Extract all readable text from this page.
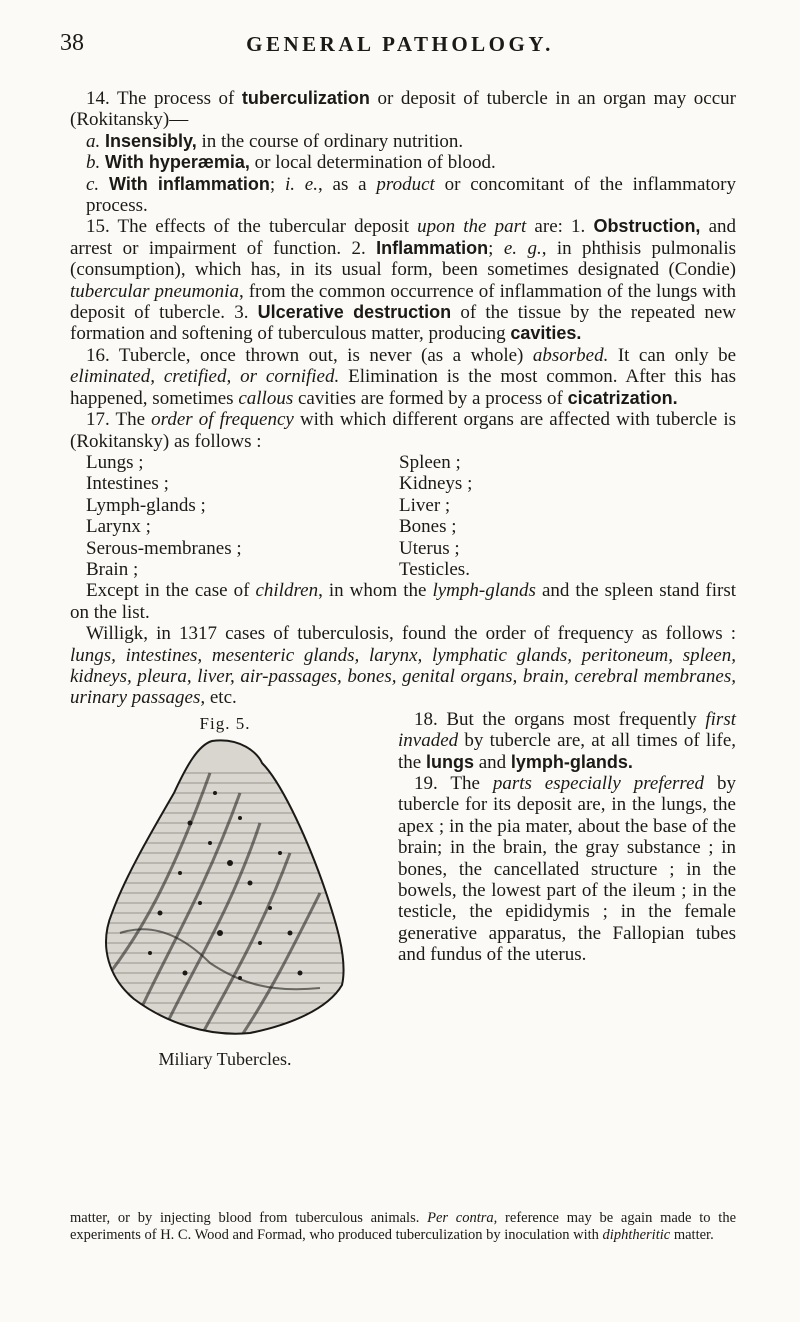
38	GENERAL PATHOLOGY.

14. The process of tuberculization or deposit of tubercle in an organ may occur (Rokitansky)—

a. Insensibly, in the course of ordinary nutrition.

b. With hyperæmia, or local determination of blood.

c. With inflammation; i. e., as a product or concomitant of the inflammatory process.

15. The effects of the tubercular deposit upon the part are: 1. Obstruction, and arrest or impairment of function. 2. Inflammation; e. g., in phthisis pulmonalis (consumption), which has, in its usual form, been sometimes designated (Condie) tubercular pneumonia, from the common occurrence of inflammation of the lungs with deposit of tubercle. 3. Ulcerative destruction of the tissue by the repeated new formation and softening of tuberculous matter, producing cavities.

16. Tubercle, once thrown out, is never (as a whole) absorbed. It can only be eliminated, cretified, or cornified. Elimination is the most common. After this has happened, sometimes callous cavities are formed by a process of cicatrization.

17. The order of frequency with which different organs are affected with tubercle is (Rokitansky) as follows :

Lungs ;	Spleen ;
Intestines ;	Kidneys ;
Lymph-glands ;	Liver ;
Larynx ;	Bones ;
Serous-membranes ;	Uterus ;
Brain ;	Testicles.

Except in the case of children, in whom the lymph-glands and the spleen stand first on the list.

Willigk, in 1317 cases of tuberculosis, found the order of frequency as follows : lungs, intestines, mesenteric glands, larynx, lymphatic glands, peritoneum, spleen, kidneys, pleura, liver, air-passages, bones, genital organs, brain, cerebral membranes, urinary passages, etc.

Fig. 5.
Miliary Tubercles.

18. But the organs most frequently first invaded by tubercle are, at all times of life, the lungs and lymph-glands.

19. The parts especially preferred by tubercle for its deposit are, in the lungs, the apex ; in the pia mater, about the base of the brain; in the brain, the gray substance ; in bones, the cancellated structure ; in the bowels, the lowest part of the ileum ; in the testicle, the epididymis ; in the female generative apparatus, the Fallopian tubes and fundus of the uterus.

matter, or by injecting blood from tuberculous animals. Per contra, reference may be again made to the experiments of H. C. Wood and Formad, who produced tuberculization by inoculation with diphtheritic matter.
